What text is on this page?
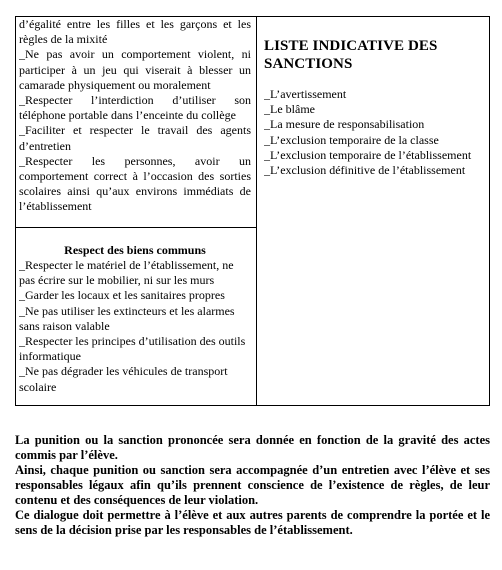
d’égalité entre les filles et les garçons et les règles de la mixité

_Ne pas avoir un comportement violent, ni participer à un jeu qui viserait à blesser un camarade physiquement ou moralement

_Respecter l’interdiction d’utiliser son téléphone portable dans l’enceinte du collège

_Faciliter et respecter le travail des agents d’entretien

_Respecter les personnes, avoir un comportement correct à l’occasion des sorties scolaires ainsi qu’aux environs immédiats de l’établissement

Respect des biens communs

_Respecter le matériel de l’établissement, ne pas écrire sur le mobilier, ni sur les murs

_Garder les locaux et les sanitaires propres

_Ne pas utiliser les extincteurs et les alarmes sans raison valable

_Respecter les principes d’utilisation des outils informatique

_Ne pas dégrader les véhicules de transport scolaire

LISTE INDICATIVE DES SANCTIONS

_L’avertissement

_Le blâme

_La mesure de responsabilisation

_L’exclusion temporaire de la classe

_L’exclusion temporaire de l’établissement

_L’exclusion définitive de l’établissement

La punition ou la sanction prononcée sera donnée en fonction de la gravité des actes commis par l’élève.

Ainsi, chaque punition ou sanction sera accompagnée d’un entretien avec l’élève et ses responsables légaux afin qu’ils prennent conscience de l’existence de règles, de leur contenu et des conséquences de leur violation.

Ce dialogue doit permettre à l’élève et aux autres parents de comprendre la portée et le sens de la décision prise par les responsables de l’établissement.
